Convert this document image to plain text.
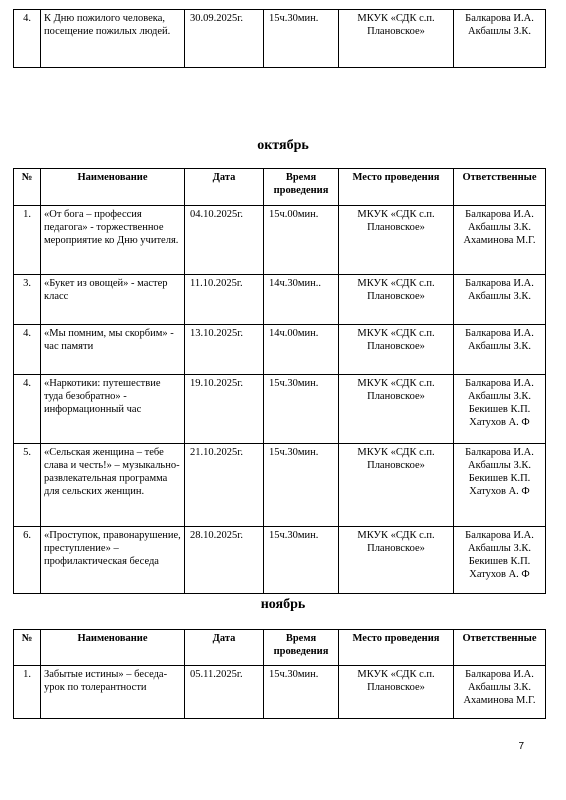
4.	К Дню пожилого человека, посещение пожилых людей.	30.09.2025г.	15ч.30мин.	МКУК «СДК с.п. Плановское»	Балкарова И.А. Акбашлы З.К.
октябрь
№	Наименование	Дата	Время проведения	Место проведения	Ответственные
1.	«От бога – профессия педагога» - торжественное мероприятие ко Дню учителя.	04.10.2025г.	15ч.00мин.	МКУК «СДК с.п. Плановское»	Балкарова И.А. Акбашлы З.К. Ахаминова М.Г.
3.	«Букет из овощей» - мастер класс	11.10.2025г.	14ч.30мин..	МКУК «СДК с.п. Плановское»	Балкарова И.А. Акбашлы З.К.
4.	«Мы помним, мы скорбим» - час памяти	13.10.2025г.	14ч.00мин.	МКУК «СДК с.п. Плановское»	Балкарова И.А. Акбашлы З.К.
4.	«Наркотики: путешествие туда безобратно» - информационный час	19.10.2025г.	15ч.30мин.	МКУК «СДК с.п. Плановское»	Балкарова И.А. Акбашлы З.К. Бекишев К.П. Хатухов А. Ф
5.	«Сельская женщина – тебе слава и честь!» – музыкально-развлекательная программа для сельских женщин.	21.10.2025г.	15ч.30мин.	МКУК «СДК с.п. Плановское»	Балкарова И.А. Акбашлы З.К. Бекишев К.П. Хатухов А. Ф
6.	«Проступок, правонарушение, преступление» – профилактическая беседа	28.10.2025г.	15ч.30мин.	МКУК «СДК с.п. Плановское»	Балкарова И.А. Акбашлы З.К. Бекишев К.П. Хатухов А. Ф
ноябрь
№	Наименование	Дата	Время проведения	Место проведения	Ответственные
1.	Забытые истины» – беседа-урок по толерантности	05.11.2025г.	15ч.30мин.	МКУК «СДК с.п. Плановское»	Балкарова И.А. Акбашлы З.К. Ахаминова М.Г.
7
